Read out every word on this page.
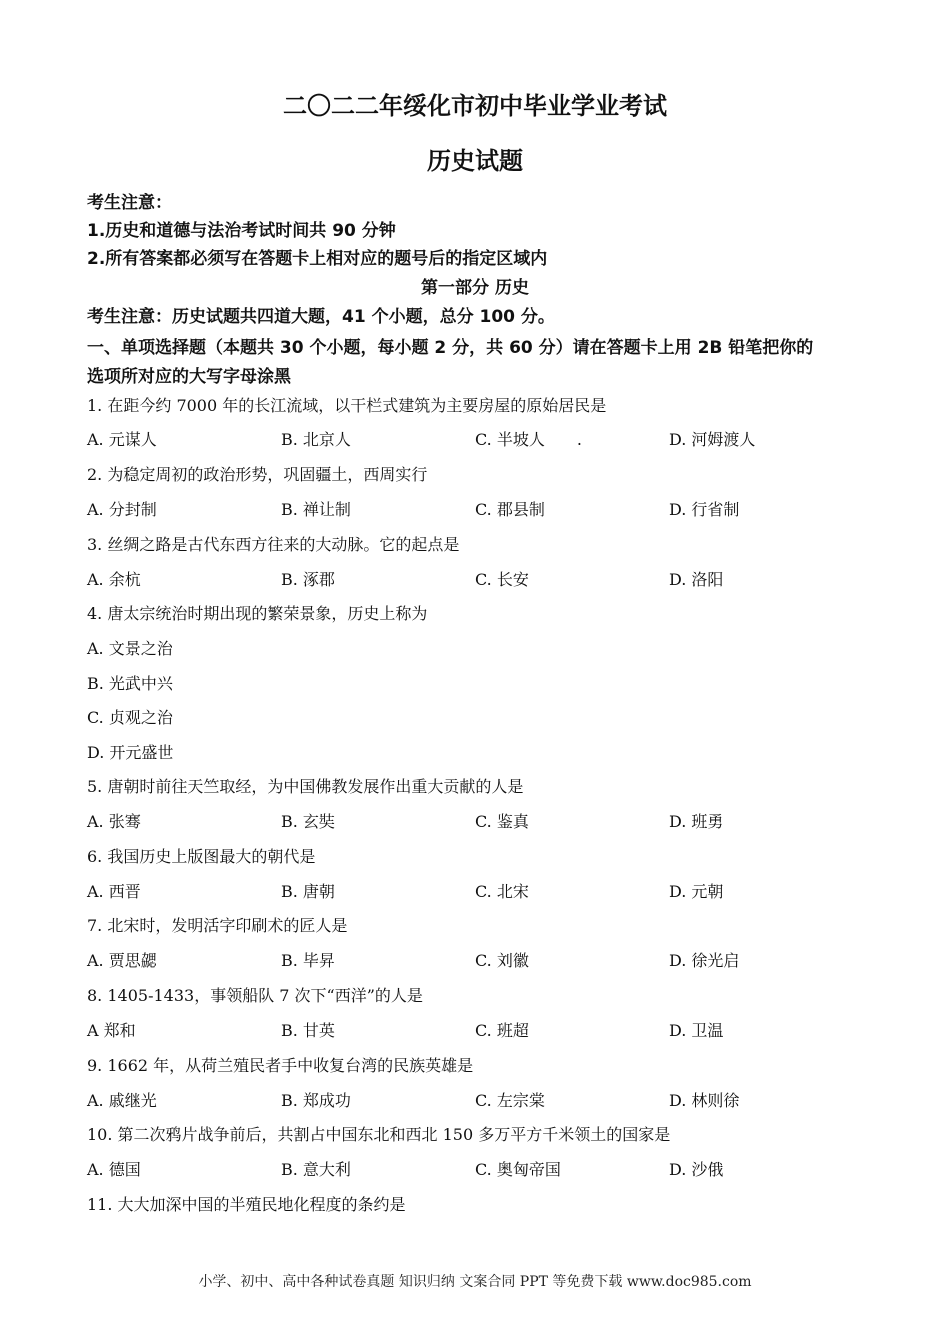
二〇二二年绥化市初中毕业学业考试
历史试题
考生注意：
1.历史和道德与法治考试时间共 90 分钟
2.所有答案都必须写在答题卡上相对应的题号后的指定区域内
第一部分 历史
考生注意：历史试题共四道大题，41 个小题，总分 100 分。
一、单项选择题（本题共 30 个小题，每小题 2 分，共 60 分）请在答题卡上用 2B 铅笔把你的
选项所对应的大写字母涂黑
1. 在距今约 7000 年的长江流域，以干栏式建筑为主要房屋的原始居民是
A. 元谋人	B. 北京人	C. 半坡人　　.	D. 河姆渡人
2. 为稳定周初的政治形势，巩固疆土，西周实行
A. 分封制	B. 禅让制	C. 郡县制	D. 行省制
3. 丝绸之路是古代东西方往来的大动脉。它的起点是
A. 余杭	B. 涿郡	C. 长安	D. 洛阳
4. 唐太宗统治时期出现的繁荣景象，历史上称为
A. 文景之治
B. 光武中兴
C. 贞观之治
D. 开元盛世
5. 唐朝时前往天竺取经，为中国佛教发展作出重大贡献的人是
A. 张骞	B. 玄奘	C. 鉴真	D. 班勇
6. 我国历史上版图最大的朝代是
A. 西晋	B. 唐朝	C. 北宋	D. 元朝
7. 北宋时，发明活字印刷术的匠人是
A. 贾思勰	B. 毕昇	C. 刘徽	D. 徐光启
8. 1405-1433，事领船队 7 次下“西洋”的人是
A 郑和	B. 甘英	C. 班超	D. 卫温
9. 1662 年，从荷兰殖民者手中收复台湾的民族英雄是
A. 戚继光	B. 郑成功	C. 左宗棠	D. 林则徐
10. 第二次鸦片战争前后，共割占中国东北和西北 150 多万平方千米领土的国家是
A. 德国	B. 意大利	C. 奥匈帝国	D. 沙俄
11. 大大加深中国的半殖民地化程度的条约是
小学、初中、高中各种试卷真题 知识归纳 文案合同 PPT 等免费下载 www.doc985.com
